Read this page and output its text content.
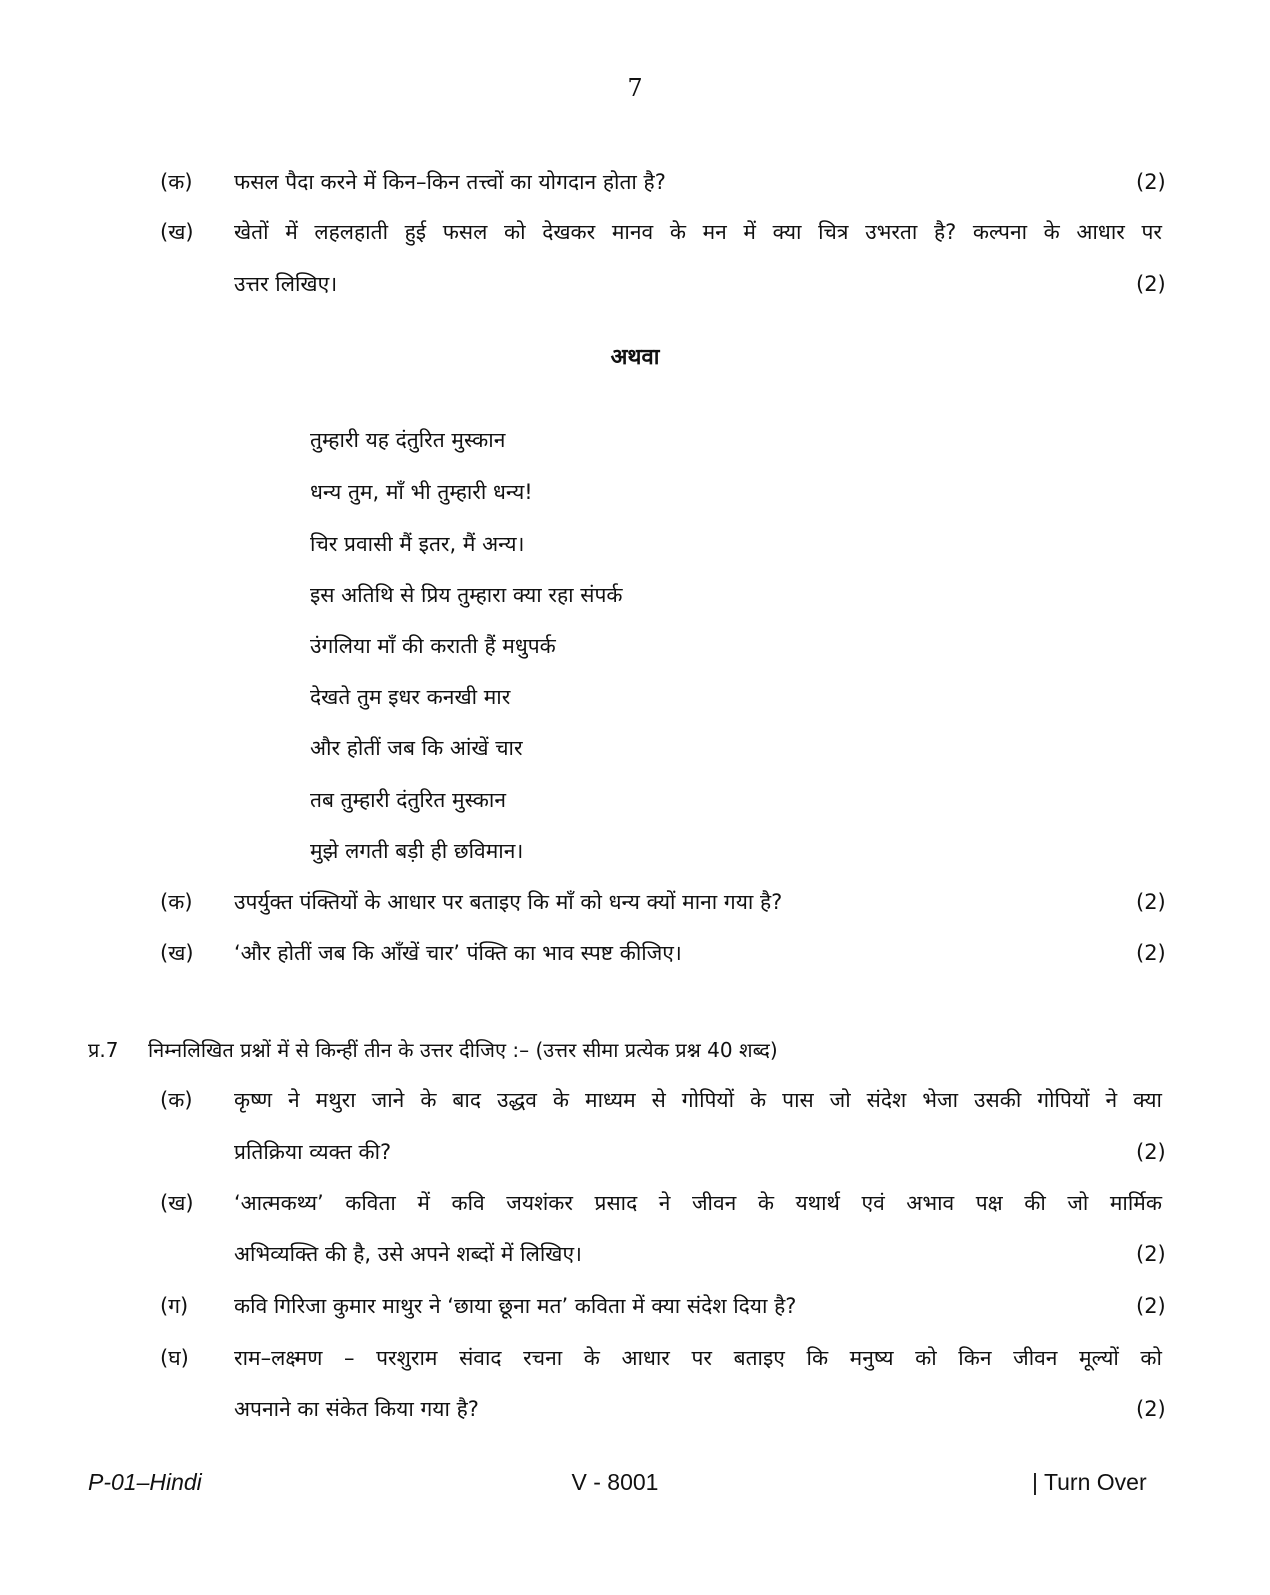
7
(क) फसल पैदा करने में किन–किन तत्त्वों का योगदान होता है?	(2)
(ख) खेतों में लहलहाती हुई फसल को देखकर मानव के मन में क्या चित्र उभरता है? कल्पना के आधार पर
उत्तर लिखिए।	(2)
अथवा
तुम्हारी यह दंतुरित मुस्कान
धन्य तुम, माँ भी तुम्हारी धन्य!
चिर प्रवासी मैं इतर, मैं अन्य।
इस अतिथि से प्रिय तुम्हारा क्या रहा संपर्क
उंगलिया माँ की कराती हैं मधुपर्क
देखते तुम इधर कनखी मार
और होतीं जब कि आंखें चार
तब तुम्हारी दंतुरित मुस्कान
मुझे लगती बड़ी ही छविमान।
(क) उपर्युक्त पंक्तियों के आधार पर बताइए कि माँ को धन्य क्यों माना गया है?	(2)
(ख) ‘और होतीं जब कि आँखें चार’ पंक्ति का भाव स्पष्ट कीजिए।	(2)
प्र.7 निम्नलिखित प्रश्नों में से किन्हीं तीन के उत्तर दीजिए :– (उत्तर सीमा प्रत्येक प्रश्न 40 शब्द)
(क) कृष्ण ने मथुरा जाने के बाद उद्धव के माध्यम से गोपियों के पास जो संदेश भेजा उसकी गोपियों ने क्या
प्रतिक्रिया व्यक्त की?	(2)
(ख) ‘आत्मकथ्य’ कविता में कवि जयशंकर प्रसाद ने जीवन के यथार्थ एवं अभाव पक्ष की जो मार्मिक
अभिव्यक्ति की है, उसे अपने शब्दों में लिखिए।	(2)
(ग) कवि गिरिजा कुमार माथुर ने ‘छाया छूना मत’ कविता में क्या संदेश दिया है?	(2)
(घ) राम–लक्ष्मण – परशुराम संवाद रचना के आधार पर बताइए कि मनुष्य को किन जीवन मूल्यों को
अपनाने का संकेत किया गया है?	(2)
P-01–Hindi	V - 8001	| Turn Over
